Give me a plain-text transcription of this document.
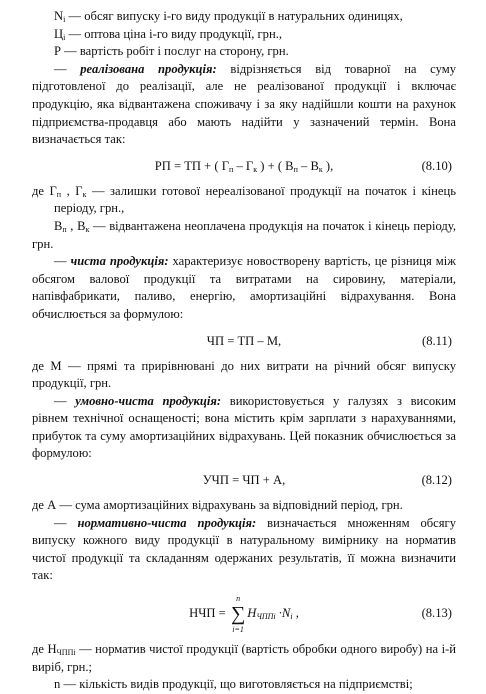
$N_i$ — обсяг випуску і-го виду продукції в натуральних одиницях,

$Ц_і$ — оптова ціна і-го виду продукції, грн.,

Р — вартість робіт і послуг на сторону, грн.

— реалізована продукція: відрізняється від товарної на суму підготовленої до реалізації, але не реалізованої продукції і включає продукцію, яка відвантажена споживачу і за яку надійшли кошти на рахунок підприємства-продавця або мають надійти у зазначений термін. Вона визначається так:

РП = ТП + ( $Г_п - Г_к$ ) + ( $В_п - В_к$ ),	(8.10)

де $Г_п$ , $Г_к$ — залишки готової нереалізованої продукції на початок і кінець періоду, грн.,

$В_п$ , $В_к$ — відвантажена неоплачена продукція на початок і кінець періоду, грн.

— чиста продукція: характеризує новостворену вартість, це різниця між обсягом валової продукції та витратами на сировину, матеріали, напівфабрикати, паливо, енергію, амортизаційні відрахування. Вона обчислюється за формулою:

ЧП = ТП – М,	(8.11)

де М — прямі та прирівнювані до них витрати на річний обсяг випуску продукції, грн.

— умовно-чиста продукція: використовується у галузях з високим рівнем технічної оснащеності; вона містить крім зарплати з нарахуваннями, прибуток та суму амортизаційних відрахувань. Цей показник обчислюється за формулою:

УЧП = ЧП + А,	(8.12)

де А — сума амортизаційних відрахувань за відповідний період, грн.

— нормативно-чиста продукція: визначається множенням обсягу випуску кожного виду продукції в натуральному вимірнику на норматив чистої продукції та складанням одержаних результатів, її можна визначити так:

НЧП =
n
∑
i=1
$H_{ЧППі} \cdot N_i$ ,	(8.13)

де $Н_{ЧППі}$ — норматив чистої продукції (вартість обробки одного виробу) на i-й виріб, грн.;

n — кількість видів продукції, що виготовляється на підприємстві;
